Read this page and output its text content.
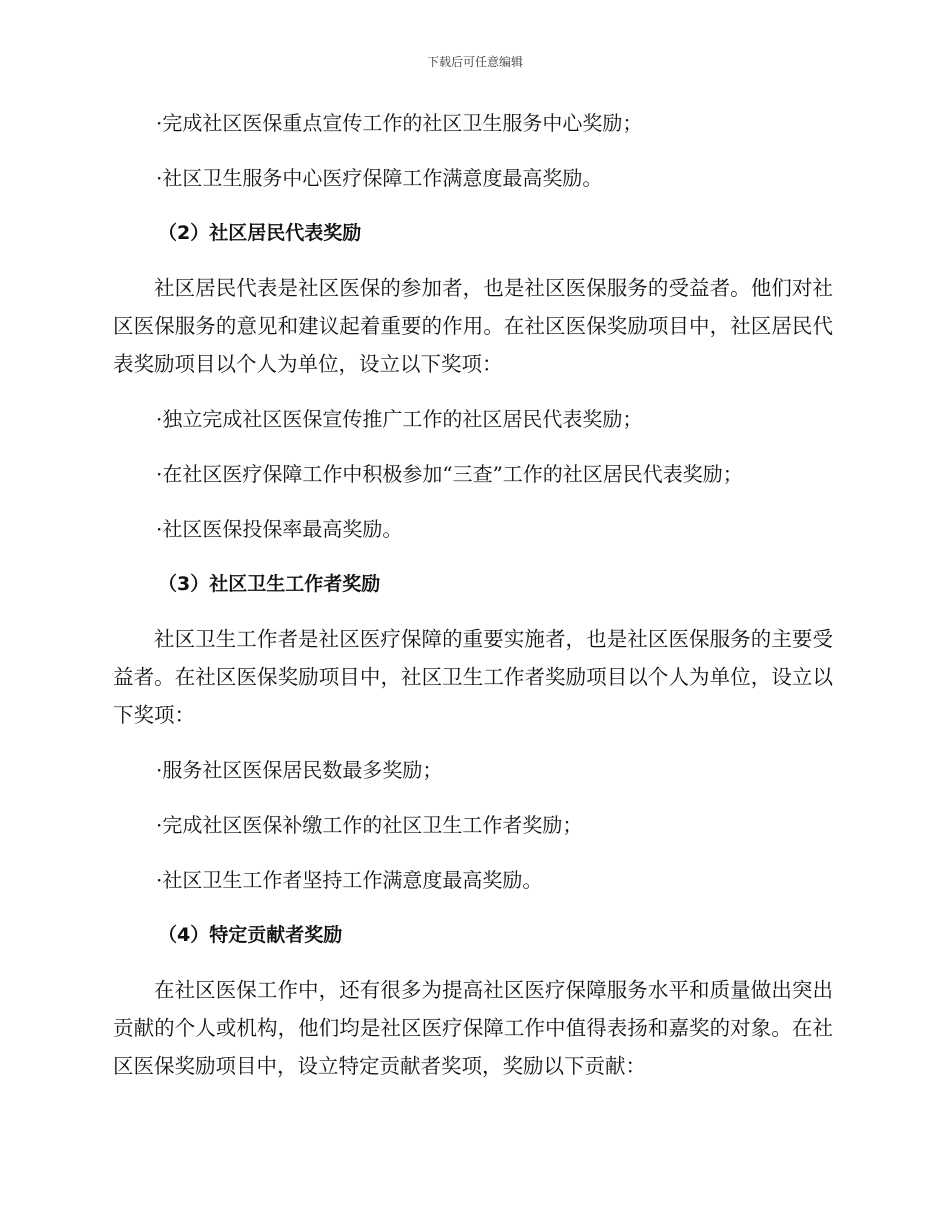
下载后可任意编辑
·完成社区医保重点宣传工作的社区卫生服务中心奖励；
·社区卫生服务中心医疗保障工作满意度最高奖励。
（2）社区居民代表奖励
社区居民代表是社区医保的参加者，也是社区医保服务的受益者。他们对社区医保服务的意见和建议起着重要的作用。在社区医保奖励项目中，社区居民代表奖励项目以个人为单位，设立以下奖项：
·独立完成社区医保宣传推广工作的社区居民代表奖励；
·在社区医疗保障工作中积极参加“三查”工作的社区居民代表奖励；
·社区医保投保率最高奖励。
（3）社区卫生工作者奖励
社区卫生工作者是社区医疗保障的重要实施者，也是社区医保服务的主要受益者。在社区医保奖励项目中，社区卫生工作者奖励项目以个人为单位，设立以下奖项：
·服务社区医保居民数最多奖励；
·完成社区医保补缴工作的社区卫生工作者奖励；
·社区卫生工作者坚持工作满意度最高奖励。
（4）特定贡献者奖励
在社区医保工作中，还有很多为提高社区医疗保障服务水平和质量做出突出贡献的个人或机构，他们均是社区医疗保障工作中值得表扬和嘉奖的对象。在社区医保奖励项目中，设立特定贡献者奖项，奖励以下贡献：
